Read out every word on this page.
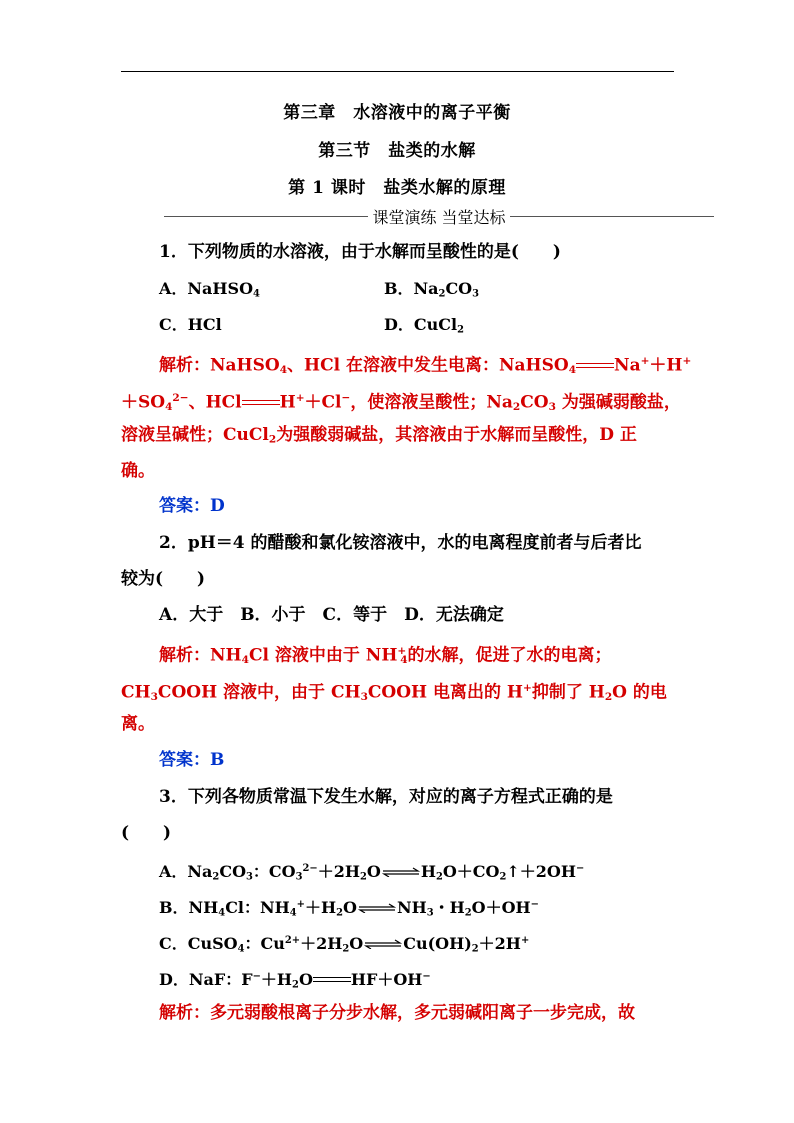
第三章　水溶液中的离子平衡
第三节　盐类的水解
第 1 课时　盐类水解的原理
课堂演练 当堂达标
1．下列物质的水溶液，由于水解而呈酸性的是(　　)
A．NaHSO$_4$	B．$Na_2CO_3$
C．HCl	D．CuCl$_2$
解析：NaHSO$_4$、HCl 在溶液中发生电离：NaHSO$_4$ Na+＋H+
$+SO_4^{2-}$、HCl H+＋Cl−，使溶液呈酸性；$Na_2CO_3$ 为强碱弱酸盐，
溶液呈碱性；CuCl$_2$为强酸弱碱盐，其溶液由于水解而呈酸性，D 正
确。
答案：D
2．pH＝4 的醋酸和氯化铵溶液中，水的电离程度前者与后者比
较为(　　)
A．大于　B．小于　C．等于　D．无法确定
解析：$NH_4Cl$ 溶液中由于 $NH^+_4$的水解，促进了水的电离；
$CH_3COOH$ 溶液中，由于 $CH_3COOH$ 电离出的 H+抑制了 $H_2O$ 的电
离。
答案：B
3．下列各物质常温下发生水解，对应的离子方程式正确的是
(　　)
A．$Na_2CO_3$：$CO_3^{2-}+2H_2O\rightleftharpoons H_2O+CO_2↑+2OH^-$
B．$NH_4Cl$：$NH_4^++H_2O\rightleftharpoons NH_3$・$H_2O+OH^-$
C．CuSO$_4$：$Cu^{2+}+2H_2O\rightleftharpoons Cu(OH)_2+2H^+$
D．NaF：$F^-+H_2O$ HF＋OH−
解析：多元弱酸根离子分步水解，多元弱碱阳离子一步完成，故
